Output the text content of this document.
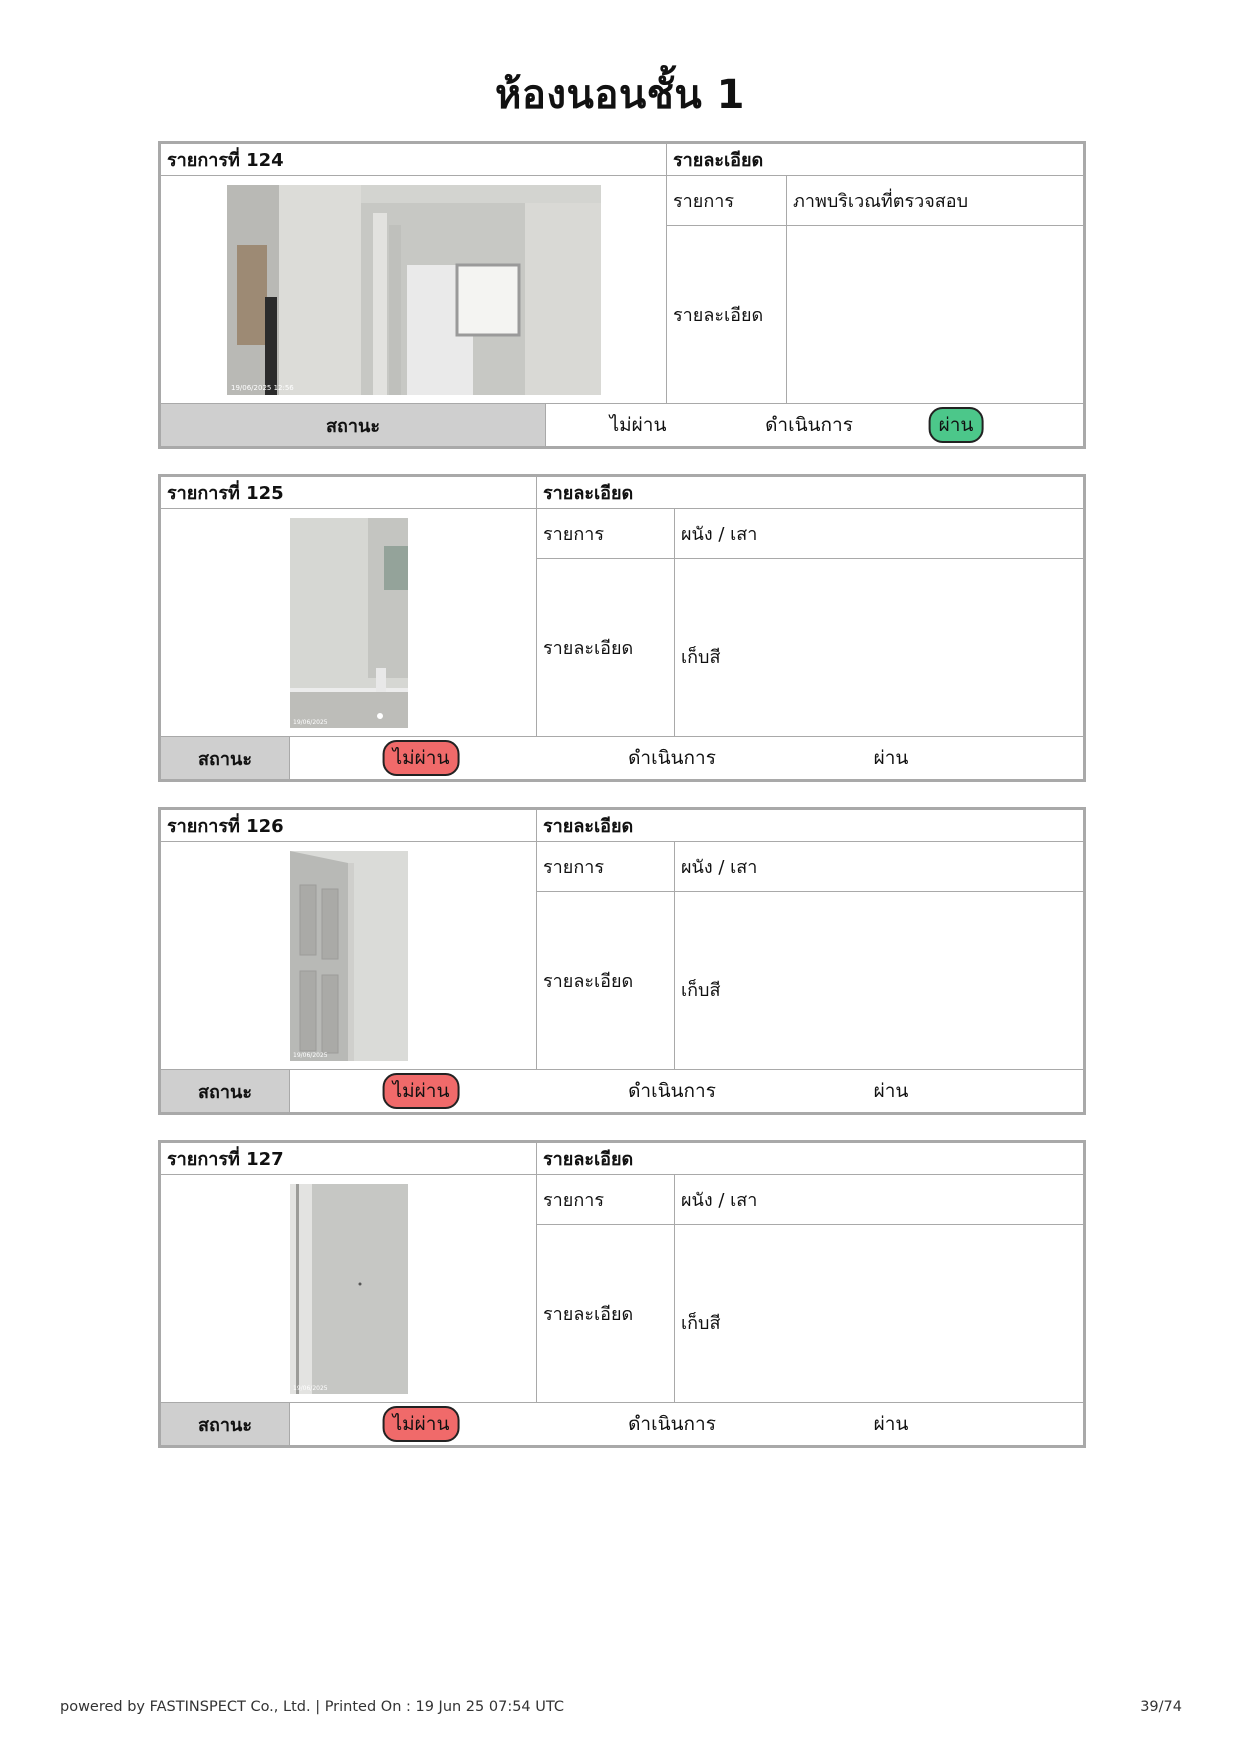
ห้องนอนชั้น 1
รายการที่ 124	รายละเอียด	

19/06/2025 12:56	รายการ	ภาพบริเวณที่ตรวจสอบ
	รายละเอียด	

สถานะ ไม่ผ่าน ดำเนินการ ผ่าน		
รายการที่ 125	รายละเอียด	

19/06/2025	รายการ	ผนัง / เสา
	รายละเอียด	เก็บสี

สถานะ ไม่ผ่าน ดำเนินการ ผ่าน		
รายการที่ 126	รายละเอียด	

19/06/2025	รายการ	ผนัง / เสา
	รายละเอียด	เก็บสี

สถานะ ไม่ผ่าน ดำเนินการ ผ่าน		
รายการที่ 127	รายละเอียด	

19/06/2025	รายการ	ผนัง / เสา
	รายละเอียด	เก็บสี

สถานะ ไม่ผ่าน ดำเนินการ ผ่าน		
powered by FASTINSPECT Co., Ltd. | Printed On : 19 Jun 25 07:54 UTC	39/74
